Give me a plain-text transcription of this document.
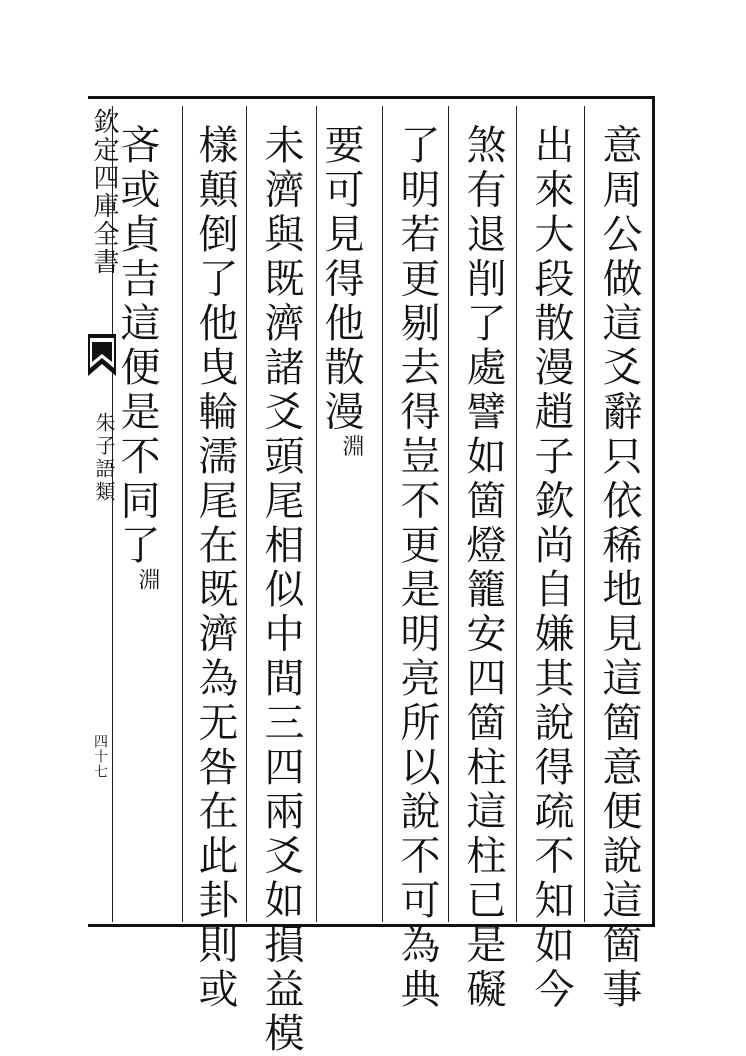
欽定四庫全書
朱子語類
四十七	意周公做這爻辭只依稀地見這箇意便說這箇事
出來大段散漫趙子欽尚自嫌其說得疏不知如今
煞有退削了處譬如箇燈籠安四箇柱這柱已是礙
了明若更剔去得豈不更是明亮所以說不可為典
要可見得他散漫淵
未濟與既濟諸爻頭尾相似中間三四兩爻如損益模
樣顛倒了他曳輪濡尾在既濟為无咎在此卦則或
吝或貞吉這便是不同了淵
